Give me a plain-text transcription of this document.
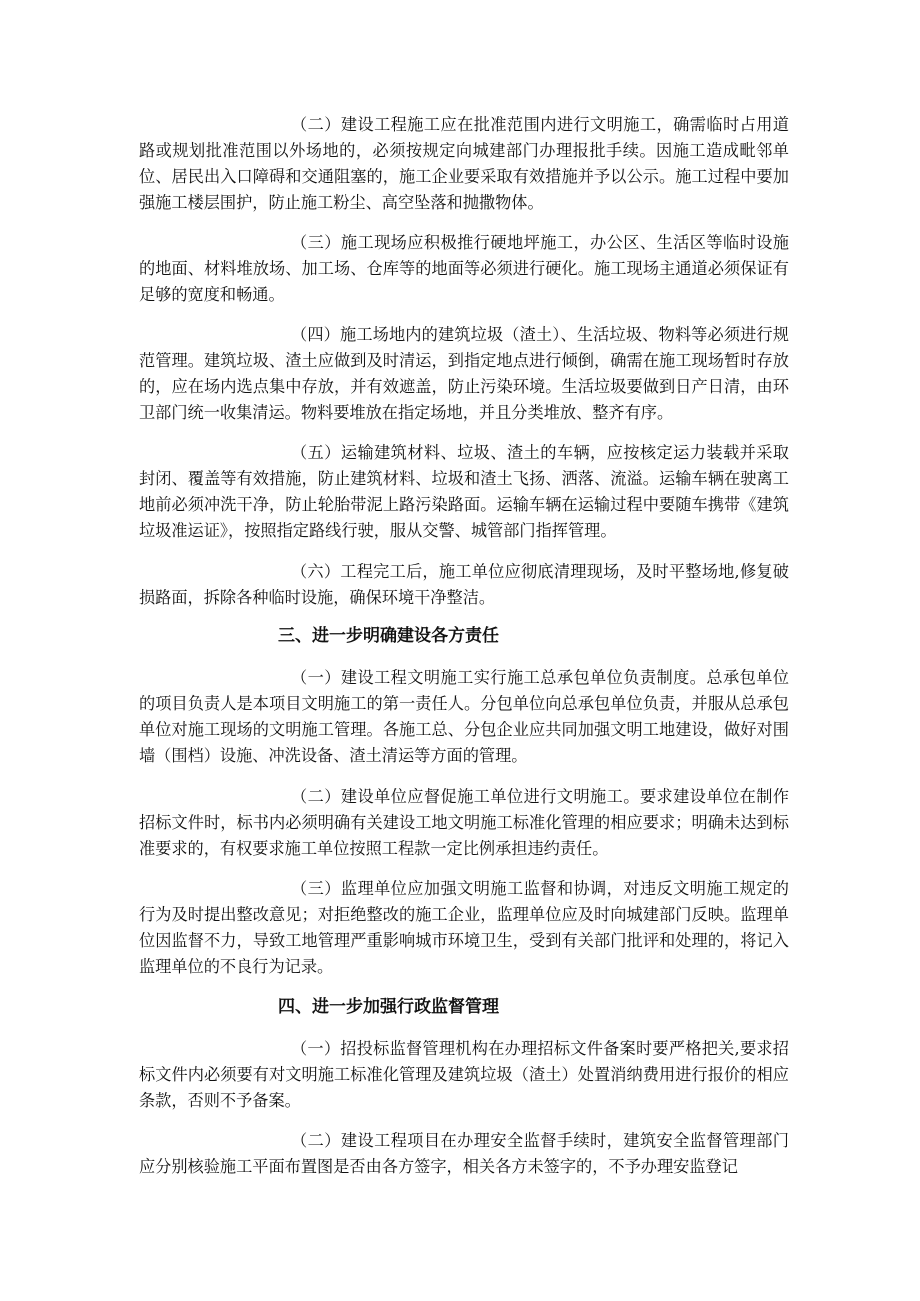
（二）建设工程施工应在批准范围内进行文明施工，确需临时占用道路或规划批准范围以外场地的，必须按规定向城建部门办理报批手续。因施工造成毗邻单位、居民出入口障碍和交通阻塞的，施工企业要采取有效措施并予以公示。施工过程中要加强施工楼层围护，防止施工粉尘、高空坠落和抛撒物体。

（三）施工现场应积极推行硬地坪施工，办公区、生活区等临时设施的地面、材料堆放场、加工场、仓库等的地面等必须进行硬化。施工现场主通道必须保证有足够的宽度和畅通。

（四）施工场地内的建筑垃圾（渣土）、生活垃圾、物料等必须进行规范管理。建筑垃圾、渣土应做到及时清运，到指定地点进行倾倒，确需在施工现场暂时存放的，应在场内选点集中存放，并有效遮盖，防止污染环境。生活垃圾要做到日产日清，由环卫部门统一收集清运。物料要堆放在指定场地，并且分类堆放、整齐有序。

（五）运输建筑材料、垃圾、渣土的车辆，应按核定运力装载并采取封闭、覆盖等有效措施，防止建筑材料、垃圾和渣土飞扬、洒落、流溢。运输车辆在驶离工地前必须冲洗干净，防止轮胎带泥上路污染路面。运输车辆在运输过程中要随车携带《建筑垃圾准运证》，按照指定路线行驶，服从交警、城管部门指挥管理。

（六）工程完工后，施工单位应彻底清理现场，及时平整场地,修复破损路面，拆除各种临时设施，确保环境干净整洁。

三、进一步明确建设各方责任

（一）建设工程文明施工实行施工总承包单位负责制度。总承包单位的项目负责人是本项目文明施工的第一责任人。分包单位向总承包单位负责，并服从总承包单位对施工现场的文明施工管理。各施工总、分包企业应共同加强文明工地建设，做好对围墙（围档）设施、冲洗设备、渣土清运等方面的管理。

（二）建设单位应督促施工单位进行文明施工。要求建设单位在制作招标文件时，标书内必须明确有关建设工地文明施工标准化管理的相应要求；明确未达到标准要求的，有权要求施工单位按照工程款一定比例承担违约责任。

（三）监理单位应加强文明施工监督和协调，对违反文明施工规定的行为及时提出整改意见；对拒绝整改的施工企业，监理单位应及时向城建部门反映。监理单位因监督不力，导致工地管理严重影响城市环境卫生，受到有关部门批评和处理的，将记入监理单位的不良行为记录。

四、进一步加强行政监督管理

（一）招投标监督管理机构在办理招标文件备案时要严格把关,要求招标文件内必须要有对文明施工标准化管理及建筑垃圾（渣土）处置消纳费用进行报价的相应条款，否则不予备案。

（二）建设工程项目在办理安全监督手续时，建筑安全监督管理部门应分别核验施工平面布置图是否由各方签字，相关各方未签字的，不予办理安监登记
